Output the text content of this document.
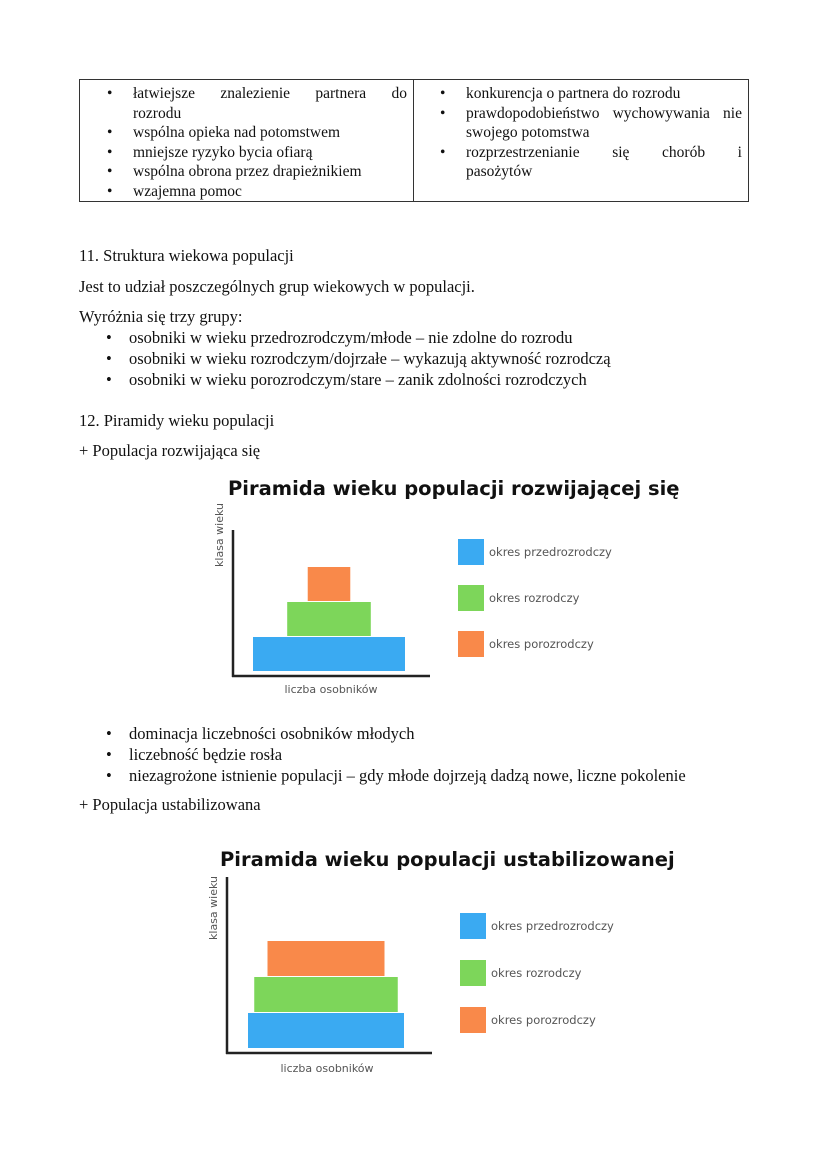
• łatwiejsze znalezienie partnera do
rozrodu
• wspólna opieka nad potomstwem
• mniejsze ryzyko bycia ofiarą
• wspólna obrona przez drapieżnikiem
• wzajemna pomoc
• konkurencja o partnera do rozrodu
• prawdopodobieństwo wychowywania nie swojego potomstwa
• rozprzestrzenianie się chorób i
pasożytów
11. Struktura wiekowa populacji
Jest to udział poszczególnych grup wiekowych w populacji.
Wyróżnia się trzy grupy:
• osobniki w wieku przedrozrodczym/młode – nie zdolne do rozrodu
• osobniki w wieku rozrodczym/dojrzałe – wykazują aktywność rozrodczą
• osobniki w wieku porozrodczym/stare – zanik zdolności rozrodczych
12. Piramidy wieku populacji
+ Populacja rozwijająca się
Piramida wieku populacji rozwijającej się
klasa wieku	okres przedrozrodczy
okres rozrodczy
okres porozrodczy
liczba osobników
• dominacja liczebności osobników młodych
• liczebność będzie rosła
• niezagrożone istnienie populacji – gdy młode dojrzeją dadzą nowe, liczne pokolenie
+ Populacja ustabilizowana
Piramida wieku populacji ustabilizowanej
klasa wieku	okres przedrozrodczy
okres rozrodczy
okres porozrodczy
liczba osobników
